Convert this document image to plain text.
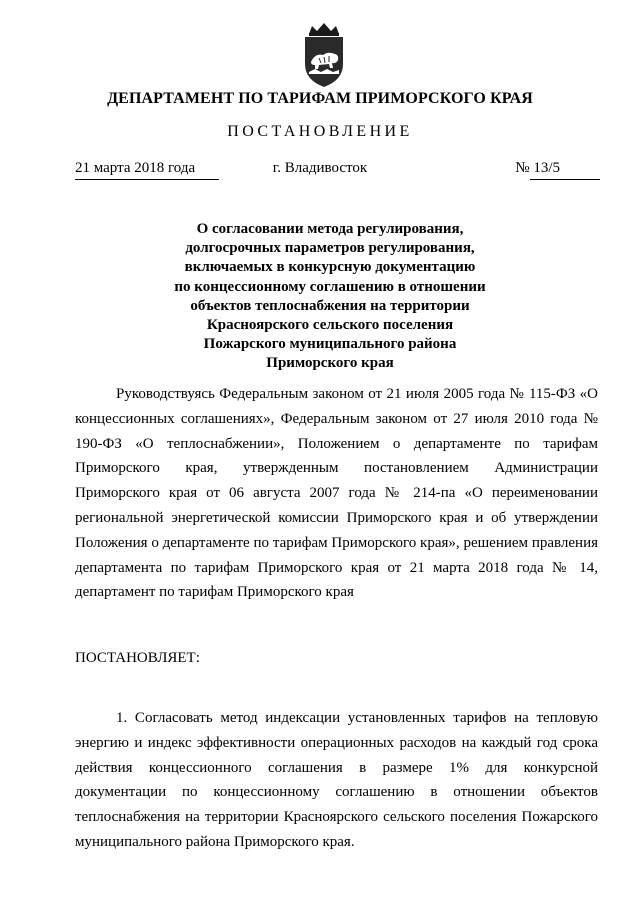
ДЕПАРТАМЕНТ ПО ТАРИФАМ ПРИМОРСКОГО КРАЯ
ПОСТАНОВЛЕНИЕ
21 марта 2018 года	г. Владивосток	№ 13/5
О согласовании метода регулирования,
долгосрочных параметров регулирования,
включаемых в конкурсную документацию
по концессионному соглашению в отношении
объектов теплоснабжения на территории
Красноярского сельского поселения
Пожарского муниципального района
Приморского края

Руководствуясь Федеральным законом от 21 июля 2005 года № 115-ФЗ «О концессионных соглашениях», Федеральным законом от 27 июля 2010 года № 190-ФЗ «О теплоснабжении», Положением о департаменте по тарифам Приморского края, утвержденным постановлением Администрации Приморского края от 06 августа 2007 года № 214-па «О переименовании региональной энергетической комиссии Приморского края и об утверждении Положения о департаменте по тарифам Приморского края», решением правления департамента по тарифам Приморского края от 21 марта 2018 года № 14, департамент по тарифам Приморского края

ПОСТАНОВЛЯЕТ:

1. Согласовать метод индексации установленных тарифов на тепловую энергию и индекс эффективности операционных расходов на каждый год срока действия концессионного соглашения в размере 1% для конкурсной документации по концессионному соглашению в отношении объектов теплоснабжения на территории Красноярского сельского поселения Пожарского муниципального района Приморского края.
